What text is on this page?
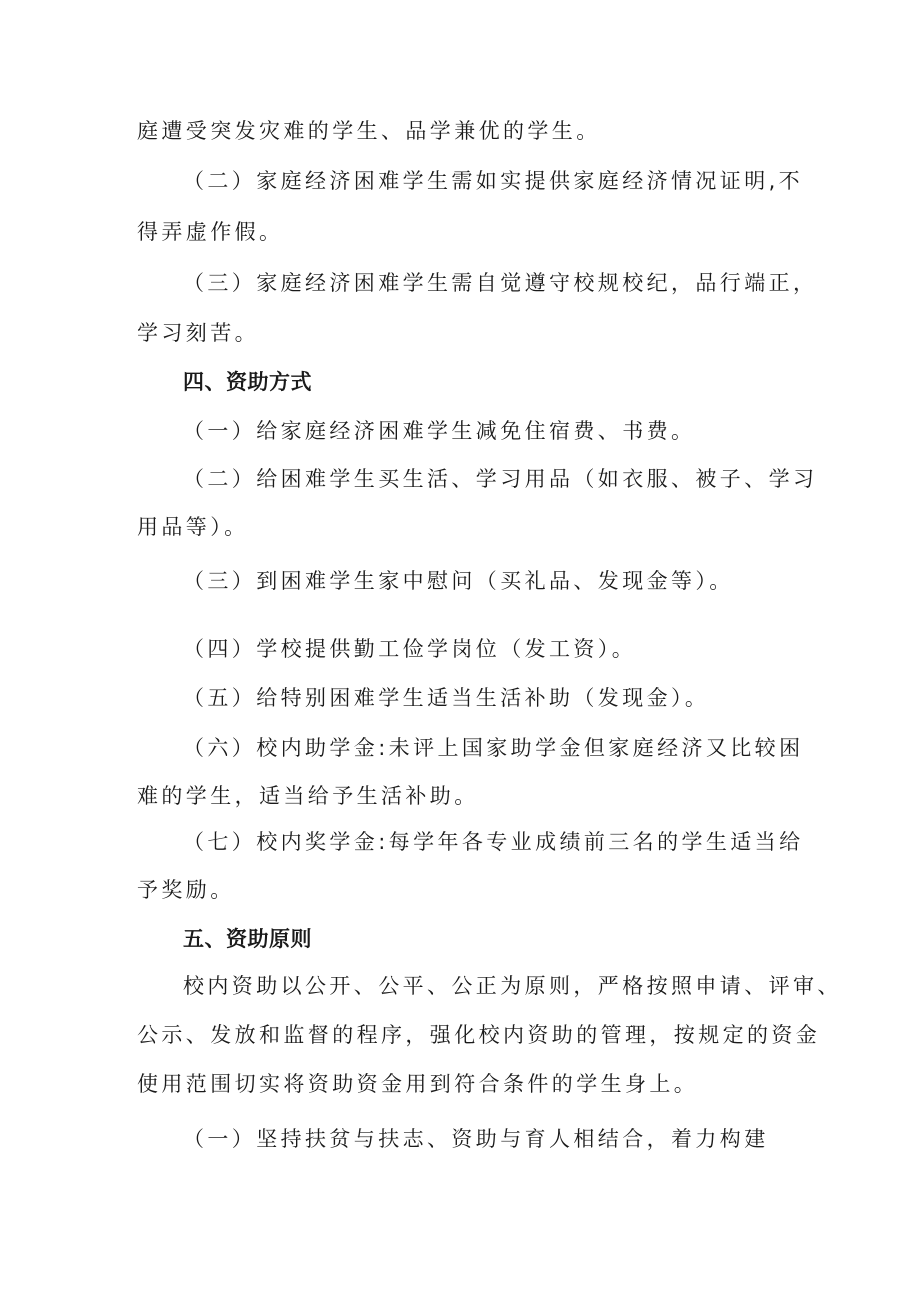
庭遭受突发灾难的学生、品学兼优的学生。
（二）家庭经济困难学生需如实提供家庭经济情况证明,不
得弄虚作假。
（三）家庭经济困难学生需自觉遵守校规校纪，品行端正，
学习刻苦。
四、资助方式
（一）给家庭经济困难学生减免住宿费、书费。
（二）给困难学生买生活、学习用品（如衣服、被子、学习
用品等）。
（三）到困难学生家中慰问（买礼品、发现金等）。
（四）学校提供勤工俭学岗位（发工资）。
（五）给特别困难学生适当生活补助（发现金）。
（六）校内助学金:未评上国家助学金但家庭经济又比较困
难的学生，适当给予生活补助。
（七）校内奖学金:每学年各专业成绩前三名的学生适当给
予奖励。
五、资助原则
校内资助以公开、公平、公正为原则，严格按照申请、评审、
公示、发放和监督的程序，强化校内资助的管理，按规定的资金
使用范围切实将资助资金用到符合条件的学生身上。
（一）坚持扶贫与扶志、资助与育人相结合，着力构建
